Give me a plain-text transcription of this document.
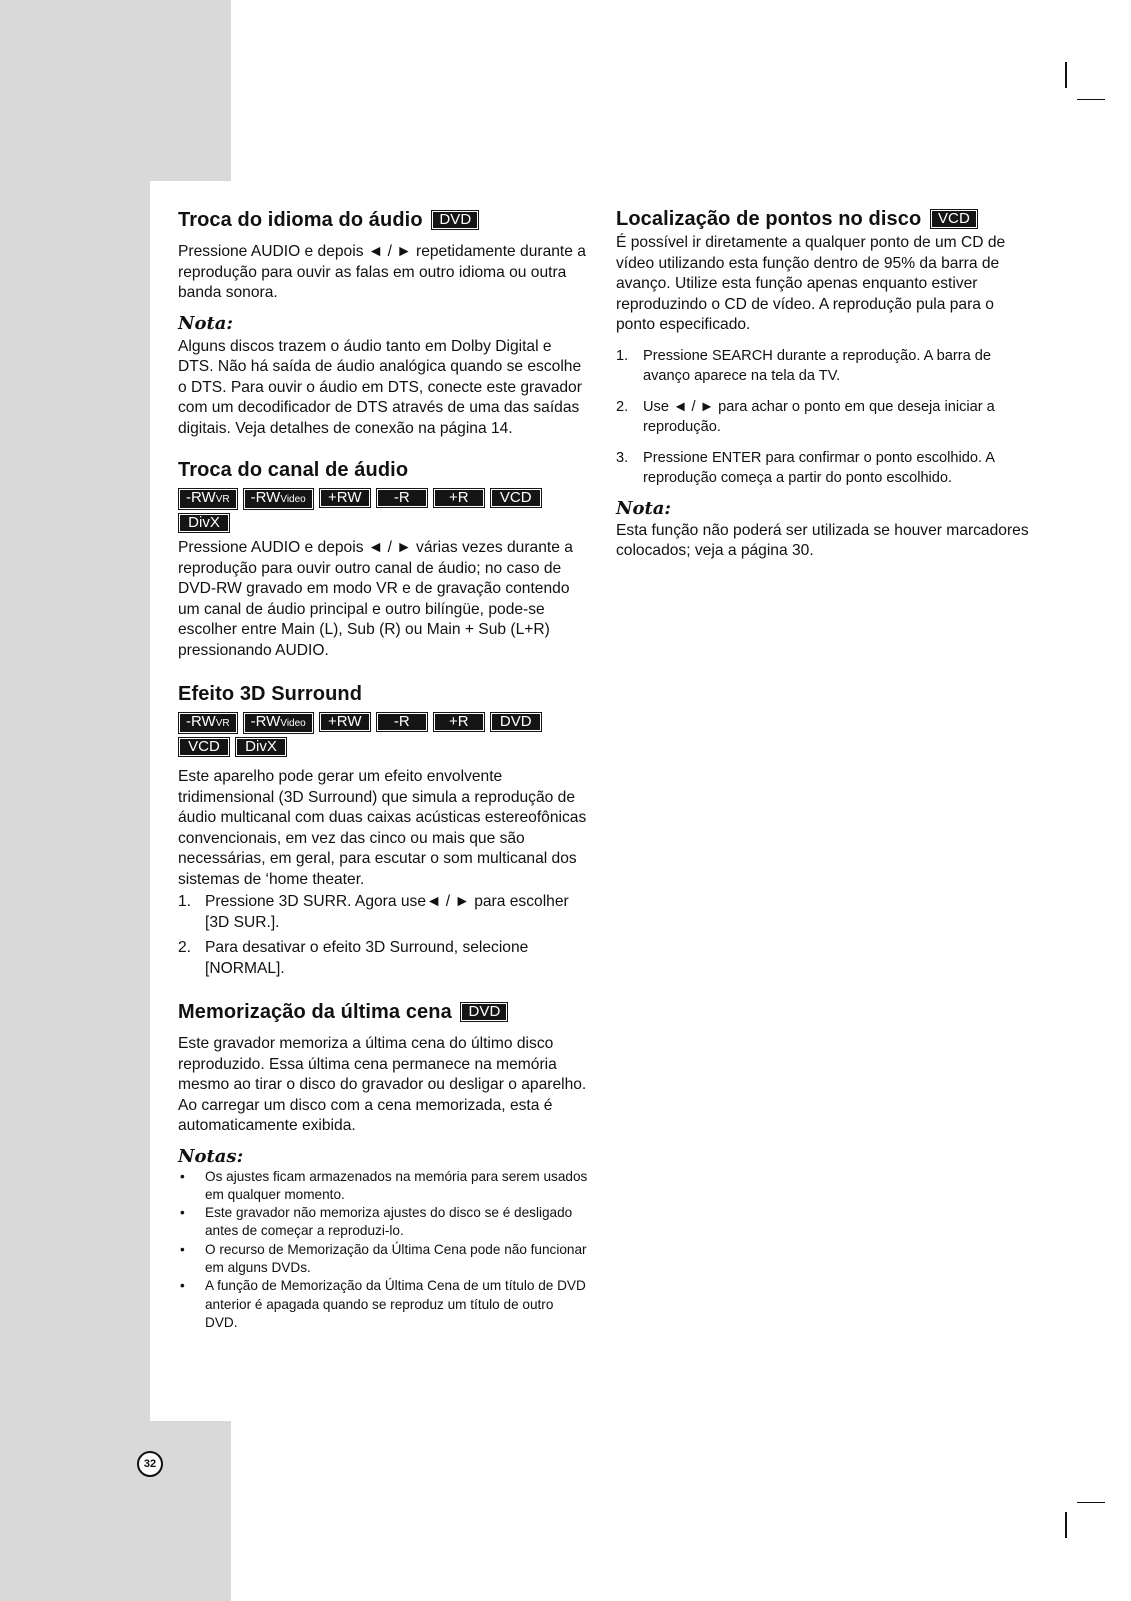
Troca do idioma do áudio DVD

Pressione AUDIO e depois ◄ / ► repetidamente durante a reprodução para ouvir as falas em outro idioma ou outra banda sonora.

Nota:

Alguns discos trazem o áudio tanto em Dolby Digital e DTS. Não há saída de áudio analógica quando se escolhe o DTS. Para ouvir o áudio em DTS, conecte este gravador com um decodificador de DTS através de uma das saídas digitais. Veja detalhes de conexão na página 14.

Troca do canal de áudio
-RWVR -RWVideo +RW -R	+R VCD
DivX

Pressione AUDIO e depois ◄ / ► várias vezes durante a reprodução para ouvir outro canal de áudio; no caso de DVD-RW gravado em modo VR e de gravação contendo um canal de áudio principal e outro bilíngüe, pode-se escolher entre Main (L), Sub (R) ou Main + Sub (L+R) pressionando AUDIO.

Efeito 3D Surround
-RWVR -RWVideo +RW -R	+R DVD
VCD DivX

Este aparelho pode gerar um efeito envolvente tridimensional (3D Surround) que simula a reprodução de áudio multicanal com duas caixas acústicas estereofônicas convencionais, em vez das cinco ou mais que são necessárias, em geral, para escutar o som multicanal dos sistemas de ‘home theater.

1. Pressione 3D SURR. Agora use◄ / ► para escolher [3D SUR.].
2. Para desativar o efeito 3D Surround, selecione [NORMAL].
Memorização da última cena DVD

Este gravador memoriza a última cena do último disco reproduzido. Essa última cena permanece na memória mesmo ao tirar o disco do gravador ou desligar o aparelho. Ao carregar um disco com a cena memorizada, esta é automaticamente exibida.

Notas:
• Os ajustes ficam armazenados na memória para serem usados em qualquer momento.
• Este gravador não memoriza ajustes do disco se é desligado antes de começar a reproduzi-lo.
• O recurso de Memorização da Última Cena pode não funcionar em alguns DVDs.
• A função de Memorização da Última Cena de um título de DVD anterior é apagada quando se reproduz um título de outro DVD.
Localização de pontos no disco VCD

É possível ir diretamente a qualquer ponto de um CD de vídeo utilizando esta função dentro de 95% da barra de avanço. Utilize esta função apenas enquanto estiver reproduzindo o CD de vídeo. A reprodução pula para o ponto especificado.

1. Pressione SEARCH durante a reprodução. A barra de avanço aparece na tela da TV.
2. Use ◄ / ► para achar o ponto em que deseja iniciar a reprodução.
3. Pressione ENTER para confirmar o ponto escolhido. A reprodução começa a partir do ponto escolhido.
Nota:

Esta função não poderá ser utilizada se houver marcadores colocados; veja a página 30.

32
